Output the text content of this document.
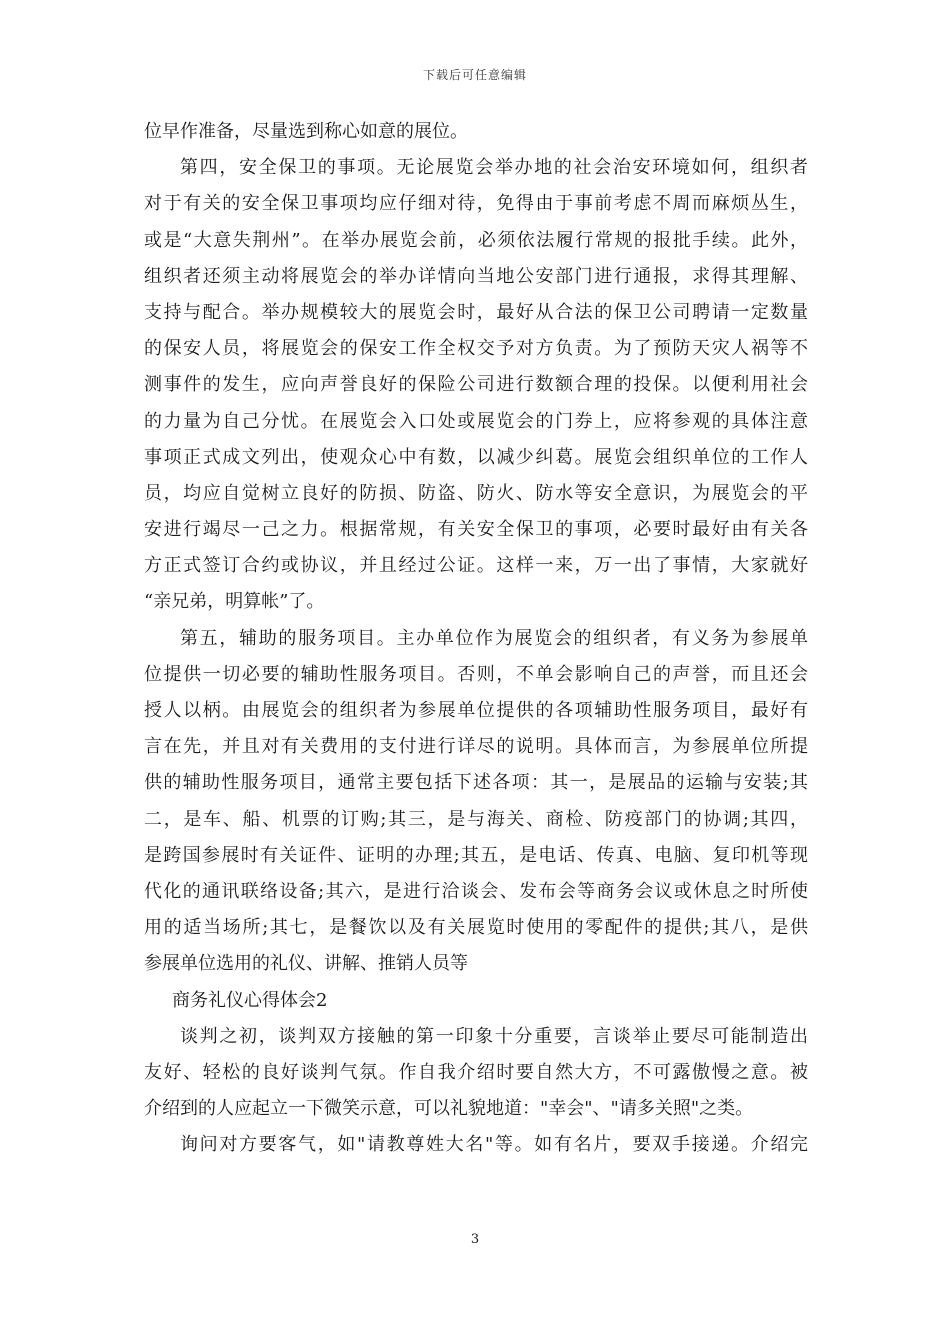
下载后可任意编辑
位早作准备，尽量选到称心如意的展位。
第四，安全保卫的事项。无论展览会举办地的社会治安环境如何，组织者
对于有关的安全保卫事项均应仔细对待，免得由于事前考虑不周而麻烦丛生，
或是“大意失荆州”。在举办展览会前，必须依法履行常规的报批手续。此外，
组织者还须主动将展览会的举办详情向当地公安部门进行通报，求得其理解、
支持与配合。举办规模较大的展览会时，最好从合法的保卫公司聘请一定数量
的保安人员，将展览会的保安工作全权交予对方负责。为了预防天灾人祸等不
测事件的发生，应向声誉良好的保险公司进行数额合理的投保。以便利用社会
的力量为自己分忧。在展览会入口处或展览会的门券上，应将参观的具体注意
事项正式成文列出，使观众心中有数，以减少纠葛。展览会组织单位的工作人
员，均应自觉树立良好的防损、防盗、防火、防水等安全意识，为展览会的平
安进行竭尽一己之力。根据常规，有关安全保卫的事项，必要时最好由有关各
方正式签订合约或协议，并且经过公证。这样一来，万一出了事情，大家就好
“亲兄弟，明算帐”了。
第五，辅助的服务项目。主办单位作为展览会的组织者，有义务为参展单
位提供一切必要的辅助性服务项目。否则，不单会影响自己的声誉，而且还会
授人以柄。由展览会的组织者为参展单位提供的各项辅助性服务项目，最好有
言在先，并且对有关费用的支付进行详尽的说明。具体而言，为参展单位所提
供的辅助性服务项目，通常主要包括下述各项：其一，是展品的运输与安装;其
二，是车、船、机票的订购;其三，是与海关、商检、防疫部门的协调;其四，
是跨国参展时有关证件、证明的办理;其五，是电话、传真、电脑、复印机等现
代化的通讯联络设备;其六，是进行洽谈会、发布会等商务会议或休息之时所使
用的适当场所;其七，是餐饮以及有关展览时使用的零配件的提供;其八，是供
参展单位选用的礼仪、讲解、推销人员等
商务礼仪心得体会2
谈判之初，谈判双方接触的第一印象十分重要，言谈举止要尽可能制造出
友好、轻松的良好谈判气氛。作自我介绍时要自然大方，不可露傲慢之意。被
介绍到的人应起立一下微笑示意，可以礼貌地道："幸会"、"请多关照"之类。
询问对方要客气，如"请教尊姓大名"等。如有名片，要双手接递。介绍完
3
